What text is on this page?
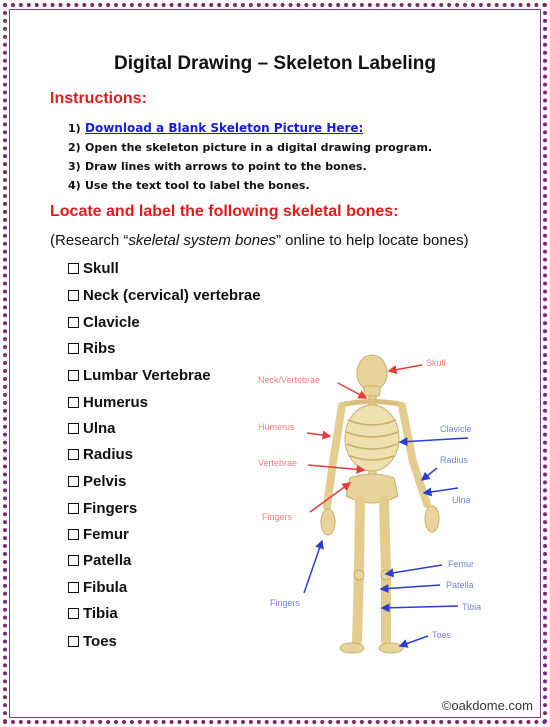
Digital Drawing – Skeleton Labeling
Instructions:
1) Download a Blank Skeleton Picture Here:
2) Open the skeleton picture in a digital drawing program.
3) Draw lines with arrows to point to the bones.
4) Use the text tool to label the bones.
Locate and label the following skeletal bones:
(Research “skeletal system bones” online to help locate bones)
Skull
Neck (cervical) vertebrae
Clavicle
Ribs
Lumbar Vertebrae
Humerus
Ulna
Radius
Pelvis
Fingers
Femur
Patella
Fibula
Tibia
Toes
Neck/Vertebrae
Humerus
Vertebrae
Fingers
Fingers
Skull
Clavicle
Radius
Ulna
Femur
Patella
Tibia
Toes
©oakdome.com
